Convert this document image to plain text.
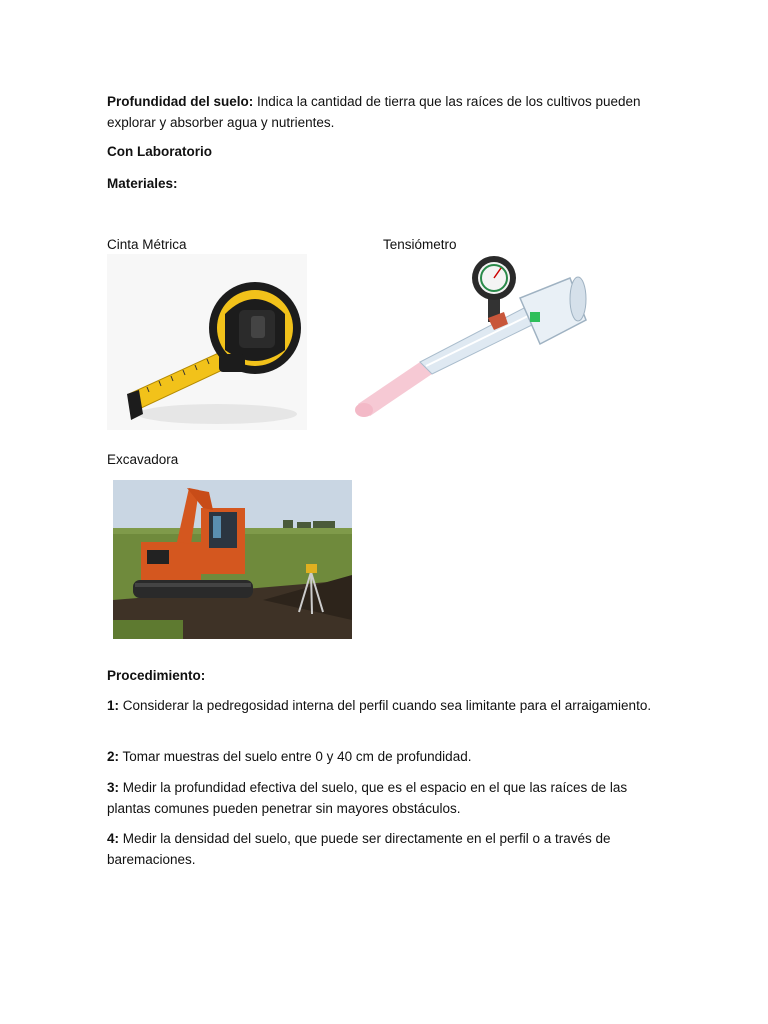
Profundidad del suelo: Indica la cantidad de tierra que las raíces de los cultivos pueden explorar y absorber agua y nutrientes.
Con Laboratorio
Materiales:
Cinta Métrica	Tensiómetro
Excavadora
Procedimiento:
1: Considerar la pedregosidad interna del perfil cuando sea limitante para el arraigamiento.
2: Tomar muestras del suelo entre 0 y 40 cm de profundidad.
3: Medir la profundidad efectiva del suelo, que es el espacio en el que las raíces de las plantas comunes pueden penetrar sin mayores obstáculos.
4: Medir la densidad del suelo, que puede ser directamente en el perfil o a través de baremaciones.
